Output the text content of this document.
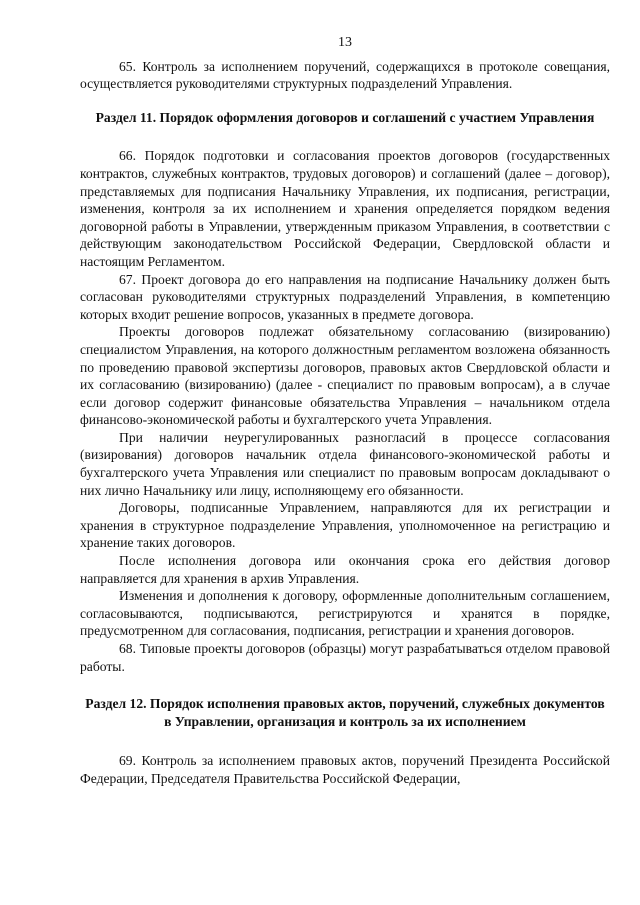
13

65. Контроль за исполнением поручений, содержащихся в протоколе совещания, осуществляется руководителями структурных подразделений Управления.

Раздел 11. Порядок оформления договоров и соглашений с участием Управления

66. Порядок подготовки и согласования проектов договоров (государственных контрактов, служебных контрактов, трудовых договоров) и соглашений (далее – договор), представляемых для подписания Начальнику Управления, их подписания, регистрации, изменения, контроля за их исполнением и хранения определяется порядком ведения договорной работы в Управлении, утвержденным приказом Управления, в соответствии с действующим законодательством Российской Федерации, Свердловской области и настоящим Регламентом.

67. Проект договора до его направления на подписание Начальнику должен быть согласован руководителями структурных подразделений Управления, в компетенцию которых входит решение вопросов, указанных в предмете договора.

Проекты договоров подлежат обязательному согласованию (визированию) специалистом Управления, на которого должностным регламентом возложена обязанность по проведению правовой экспертизы договоров, правовых актов Свердловской области и их согласованию (визированию) (далее - специалист по правовым вопросам), а в случае если договор содержит финансовые обязательства Управления – начальником отдела финансово-экономической работы и бухгалтерского учета Управления.

При наличии неурегулированных разногласий в процессе согласования (визирования) договоров начальник отдела финансового-экономической работы и бухгалтерского учета Управления или специалист по правовым вопросам докладывают о них лично Начальнику или лицу, исполняющему его обязанности.

Договоры, подписанные Управлением, направляются для их регистрации и хранения в структурное подразделение Управления, уполномоченное на регистрацию и хранение таких договоров.

После исполнения договора или окончания срока его действия договор направляется для хранения в архив Управления.

Изменения и дополнения к договору, оформленные дополнительным соглашением, согласовываются, подписываются, регистрируются и хранятся в порядке, предусмотренном для согласования, подписания, регистрации и хранения договоров.

68. Типовые проекты договоров (образцы) могут разрабатываться отделом правовой работы.

Раздел 12. Порядок исполнения правовых актов, поручений, служебных документов в Управлении, организация и контроль за их исполнением

69. Контроль за исполнением правовых актов, поручений Президента Российской Федерации, Председателя Правительства Российской Федерации,
